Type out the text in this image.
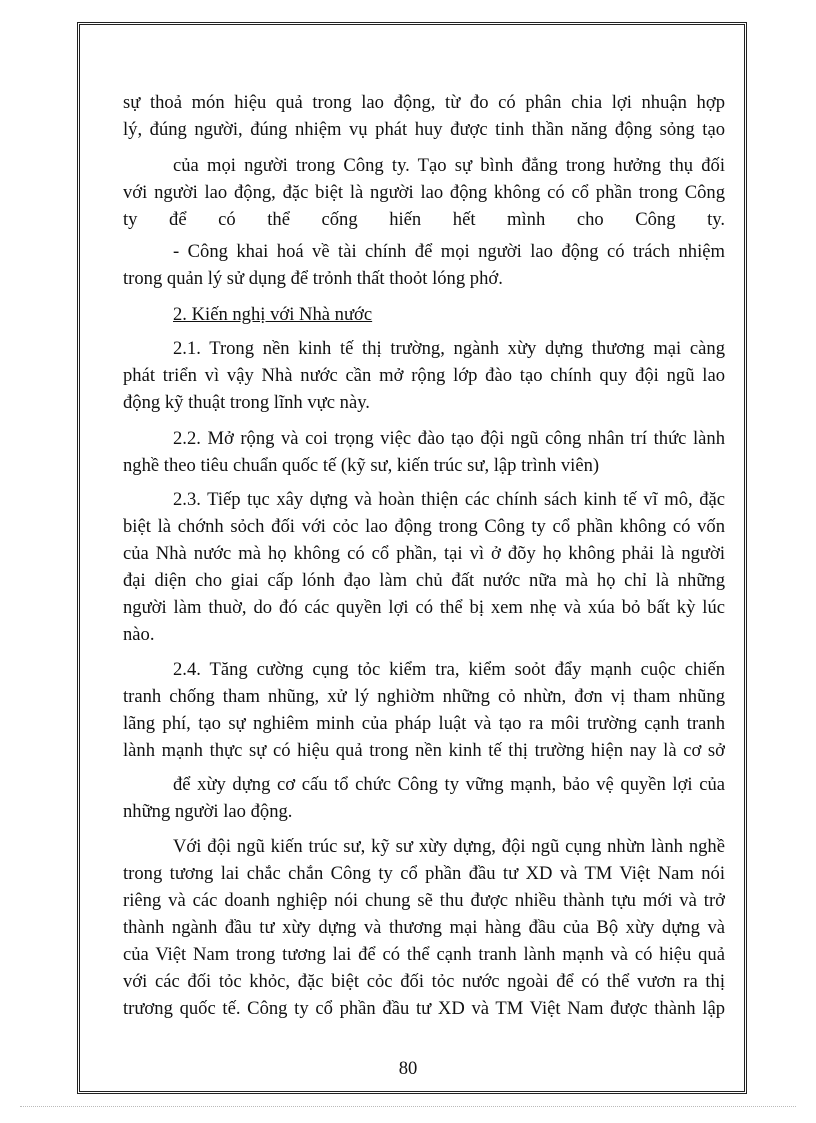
sự thoả món hiệu quả trong lao động, từ đo có phân chia lợi nhuận hợp
lý, đúng người, đúng nhiệm vụ phát huy được tinh thần năng động sỏng tạo
của mọi người trong Công ty. Tạo sự bình đẳng trong hưởng thụ đối
với người lao động, đặc biệt là người lao động không có cổ phần trong Công
ty để có thể cống hiến hết mình cho Công ty.
- Công khai hoá về tài chính để mọi người lao động có trách nhiệm
trong quản lý sử dụng để trỏnh thất thoỏt lóng phớ.
2. Kiến nghị với Nhà nước
2.1. Trong nền kinh tế thị trường, ngành xừy dựng thương mại càng
phát triển vì vậy Nhà nước cần mở rộng lớp đào tạo chính quy đội ngũ lao
động kỹ thuật trong lĩnh vực này.
2.2. Mở rộng và coi trọng việc đào tạo đội ngũ công nhân trí thức lành
nghề theo tiêu chuẩn quốc tế (kỹ sư, kiến trúc sư, lập trình viên)
2.3. Tiếp tục xây dựng và hoàn thiện các chính sách kinh tế vĩ mô, đặc
biệt là chớnh sỏch đối với cỏc lao động trong Công ty cổ phần không có vốn
của Nhà nước mà họ không có cổ phần, tại vì ở đõy họ không phải là người
đại diện cho giai cấp lónh đạo làm chủ đất nước nữa mà họ chỉ là những
người làm thuờ, do đó các quyền lợi có thể bị xem nhẹ và xúa bỏ bất kỳ lúc
nào.
2.4. Tăng cường cụng tỏc kiểm tra, kiểm soỏt đẩy mạnh cuộc chiến
tranh chống tham nhũng, xử lý nghiờm những cỏ nhừn, đơn vị tham nhũng
lãng phí, tạo sự nghiêm minh của pháp luật và tạo ra môi trường cạnh tranh
lành mạnh thực sự có hiệu quả trong nền kinh tế thị trường hiện nay là cơ sở
để xừy dựng cơ cấu tổ chức Công ty vững mạnh, bảo vệ quyền lợi của
những người lao động.
Với đội ngũ kiến trúc sư, kỹ sư xừy dựng, đội ngũ cụng nhừn lành nghề
trong tương lai chắc chắn Công ty cổ phần đầu tư XD và TM Việt Nam nói
riêng và các doanh nghiệp nói chung sẽ thu được nhiều thành tựu mới và trở
thành ngành đầu tư xừy dựng và thương mại hàng đầu của Bộ xừy dựng và
của Việt Nam trong tương lai để có thể cạnh tranh lành mạnh và có hiệu quả
với các đối tỏc khỏc, đặc biệt cỏc đối tỏc nước ngoài để có thể vươn ra thị
trương quốc tế. Công ty cổ phần đầu tư XD và TM Việt Nam được thành lập
80
